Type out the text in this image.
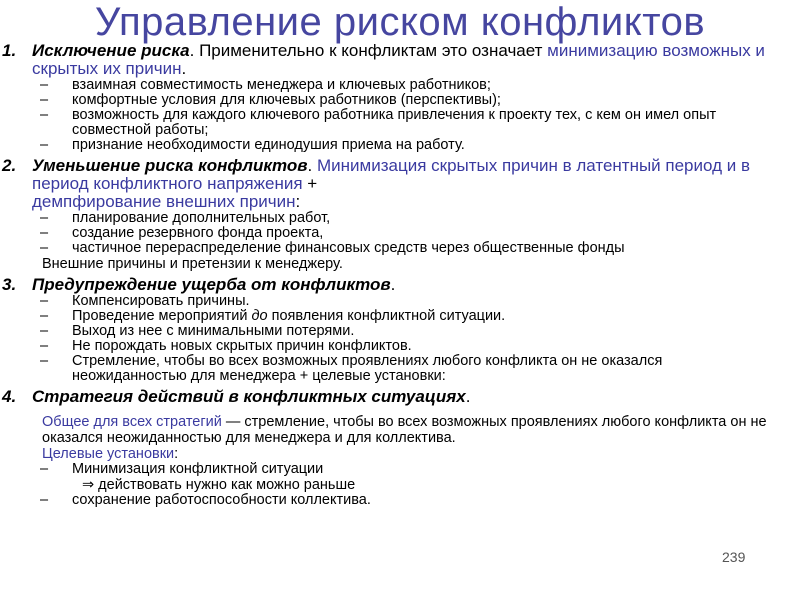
Управление риском конфликтов
1. Исключение риска. Применительно к конфликтам это означает минимизацию возможных и скрытых их причин.
– взаимная совместимость менеджера и ключевых работников;
– комфортные условия для ключевых работников (перспективы);
– возможность для каждого ключевого работника привлечения к проекту тех, с кем он имел опыт совместной работы;
– признание необходимости единодушия приема на работу.
2. Уменьшение риска конфликтов. Минимизация скрытых причин в латентный период и в период конфликтного напряжения +
демпфирование внешних причин:
– планирование дополнительных работ,
– создание резервного фонда проекта,
– частичное перераспределение финансовых средств через общественные фонды
Внешние причины и претензии к менеджеру.
3. Предупреждение ущерба от конфликтов.
– Компенсировать причины.
– Проведение мероприятий до появления конфликтной ситуации.
– Выход из нее с минимальными потерями.
– Не порождать новых скрытых причин конфликтов.
– Стремление, чтобы во всех возможных проявлениях любого конфликта он не оказался неожиданностью для менеджера + целевые установки:
4. Стратегия действий в конфликтных ситуациях.
Общее для всех стратегий — стремление, чтобы во всех возможных проявлениях любого конфликта он не оказался неожиданностью для менеджера и для коллектива.
Целевые установки:
– Минимизация конфликтной ситуации
⇒ действовать нужно как можно раньше
– сохранение работоспособности коллектива.
239
